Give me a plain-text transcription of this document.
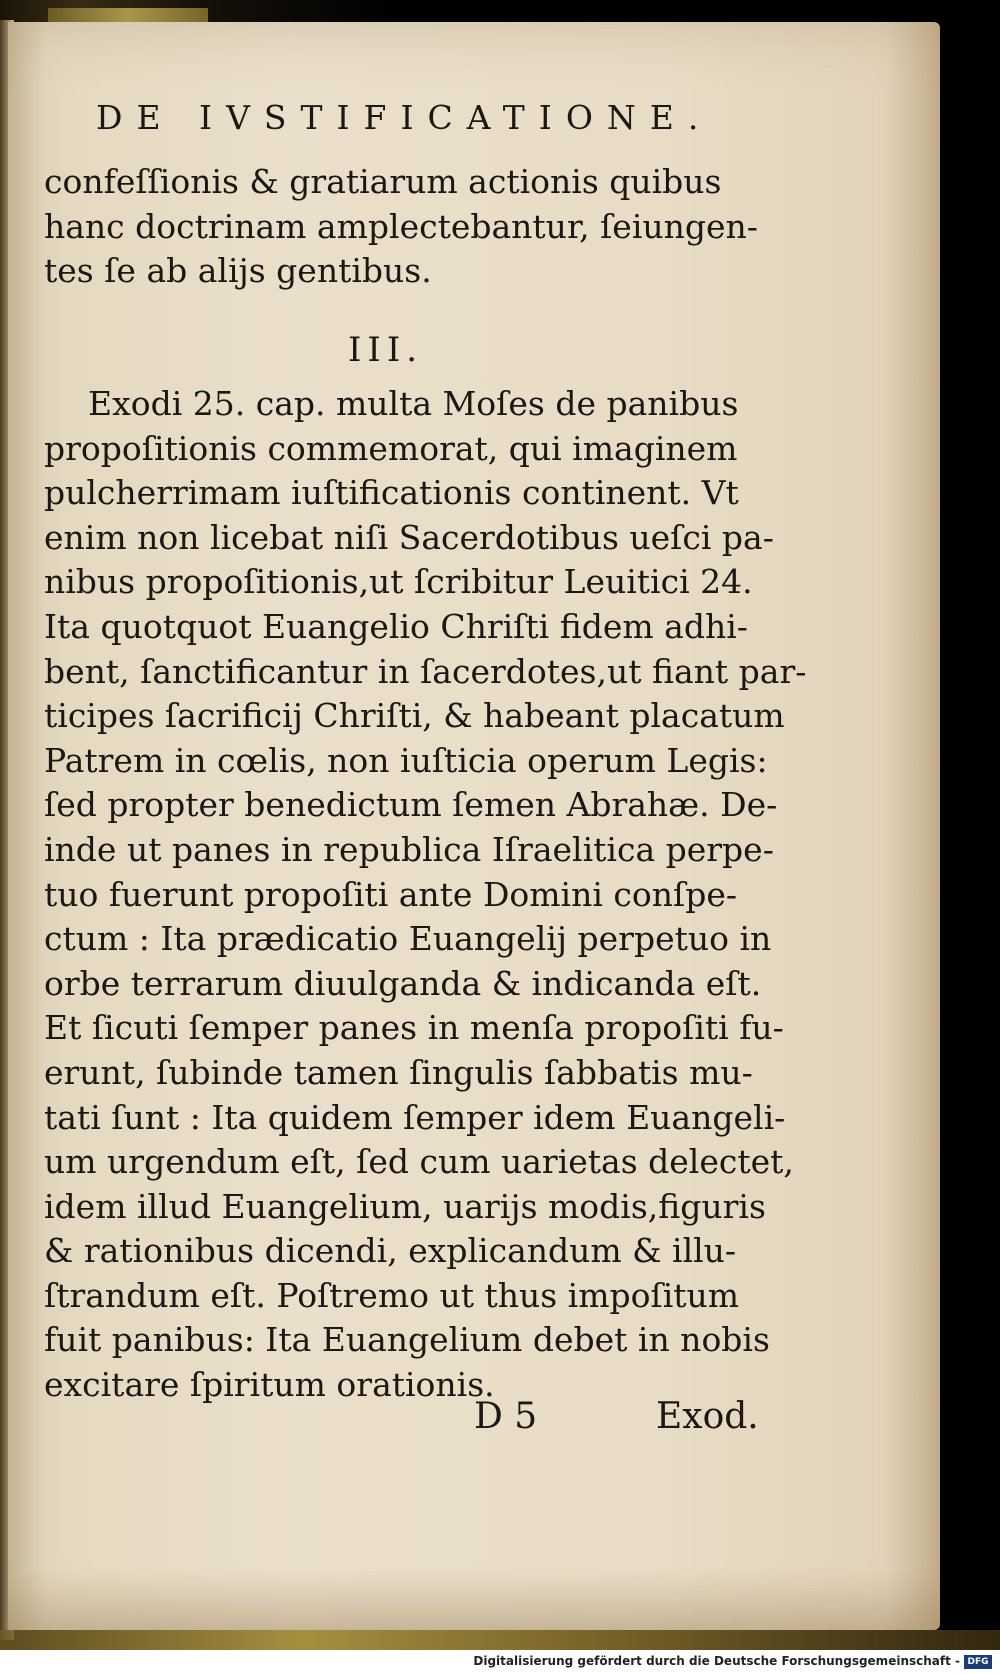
DE IVSTIFICATIONE.
confeſſionis & gratiarum actionis quibus
hanc doctrinam amplectebantur, ſeiungen-
tes ſe ab alijs gentibus.
III.
Exodi 25. cap. multa Moſes de panibus
propoſitionis commemorat, qui imaginem
pulcherrimam iuſtificationis continent. Vt
enim non licebat niſi Sacerdotibus ueſci pa-
nibus propoſitionis,ut ſcribitur Leuitici 24.
Ita quotquot Euangelio Chriſti fidem adhi-
bent, ſanctificantur in ſacerdotes,ut fiant par-
ticipes ſacrificij Chriſti, & habeant placatum
Patrem in cœlis, non iuſticia operum Legis:
ſed propter benedictum ſemen Abrahæ. De-
inde ut panes in republica Iſraelitica perpe-
tuo fuerunt propoſiti ante Domini conſpe-
ctum : Ita prædicatio Euangelij perpetuo in
orbe terrarum diuulganda & indicanda eſt.
Et ſicuti ſemper panes in menſa propoſiti fu-
erunt, ſubinde tamen ſingulis ſabbatis mu-
tati ſunt : Ita quidem ſemper idem Euangeli-
um urgendum eſt, ſed cum uarietas delectet,
idem illud Euangelium, uarijs modis,figuris
& rationibus dicendi, explicandum & illu-
ſtrandum eſt. Poſtremo ut thus impoſitum
fuit panibus: Ita Euangelium debet in nobis
excitare ſpiritum orationis.
D 5	Exod.
Digitalisierung gefördert durch die Deutsche Forschungsgemeinschaft - DFG
